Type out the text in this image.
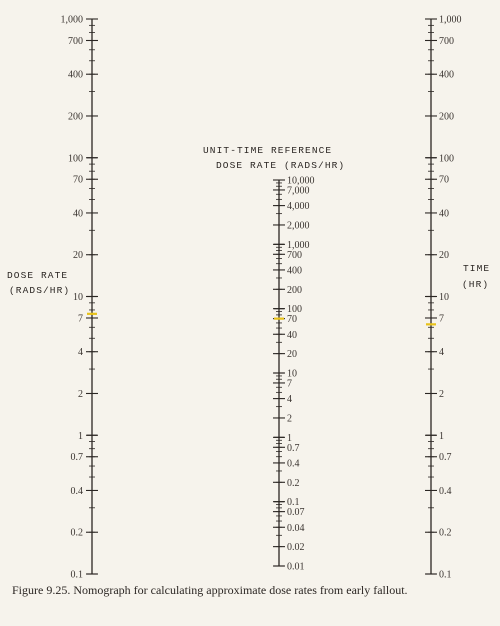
1,000
700
400
200
100
70
40
20
10
7
4
2
1
0.7
0.4
0.2
0.1
10,000
7,000
4,000
2,000
1,000
700
400
200
100
70
40
20
10
7
4
2
1
0.7
0.4
0.2
0.1
0.07
0.04
0.02
0.01
1,000
700
400
200
100
70
40
20
10
7
4
2
1
0.7
0.4
0.2
0.1

DOSE RATE

(RADS/HR)

UNIT-TIME REFERENCE

DOSE RATE (RADS/HR)

TIME

(HR)

Figure 9.25. Nomograph for calculating approximate dose rates from early fallout.
